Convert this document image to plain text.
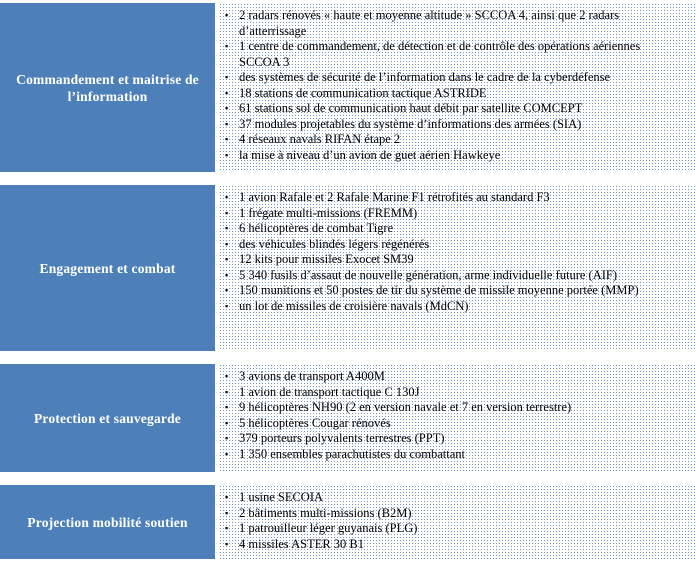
Commandement et maitrise de l’information
▪ 2 radars rénovés « haute et moyenne altitude » SCCOA 4, ainsi que 2 radars d’atterrissage
▪ 1 centre de commandement, de détection et de contrôle des opérations aériennes SCCOA 3
▪ des systèmes de sécurité de l’information dans le cadre de la cyberdéfense
▪ 18 stations de communication tactique ASTRIDE
▪ 61 stations sol de communication haut débit par satellite COMCEPT
▪ 37 modules projetables du système d’informations des armées (SIA)
▪ 4 réseaux navals RIFAN étape 2
▪ la mise à niveau d’un avion de guet aérien Hawkeye
Engagement et combat
▪ 1 avion Rafale et 2 Rafale Marine F1 rétrofités au standard F3
▪ 1 frégate multi-missions (FREMM)
▪ 6 hélicoptères de combat Tigre
▪ des véhicules blindés légers régénérés
▪ 12 kits pour missiles Exocet SM39
▪ 5 340 fusils d’assaut de nouvelle génération, arme individuelle future (AIF)
▪ 150 munitions et 50 postes de tir du système de missile moyenne portée (MMP)
▪ un lot de missiles de croisière navals (MdCN)
Protection et sauvegarde
▪ 3 avions de transport A400M
▪ 1 avion de transport tactique C 130J
▪ 9 hélicoptères NH90 (2 en version navale et 7 en version terrestre)
▪ 5 hélicoptères Cougar rénovés
▪ 379 porteurs polyvalents terrestres (PPT)
▪ 1 350 ensembles parachutistes du combattant
Projection mobilité soutien
▪ 1 usine SECOIA
▪ 2 bâtiments multi-missions (B2M)
▪ 1 patrouilleur léger guyanais (PLG)
▪ 4 missiles ASTER 30 B1
